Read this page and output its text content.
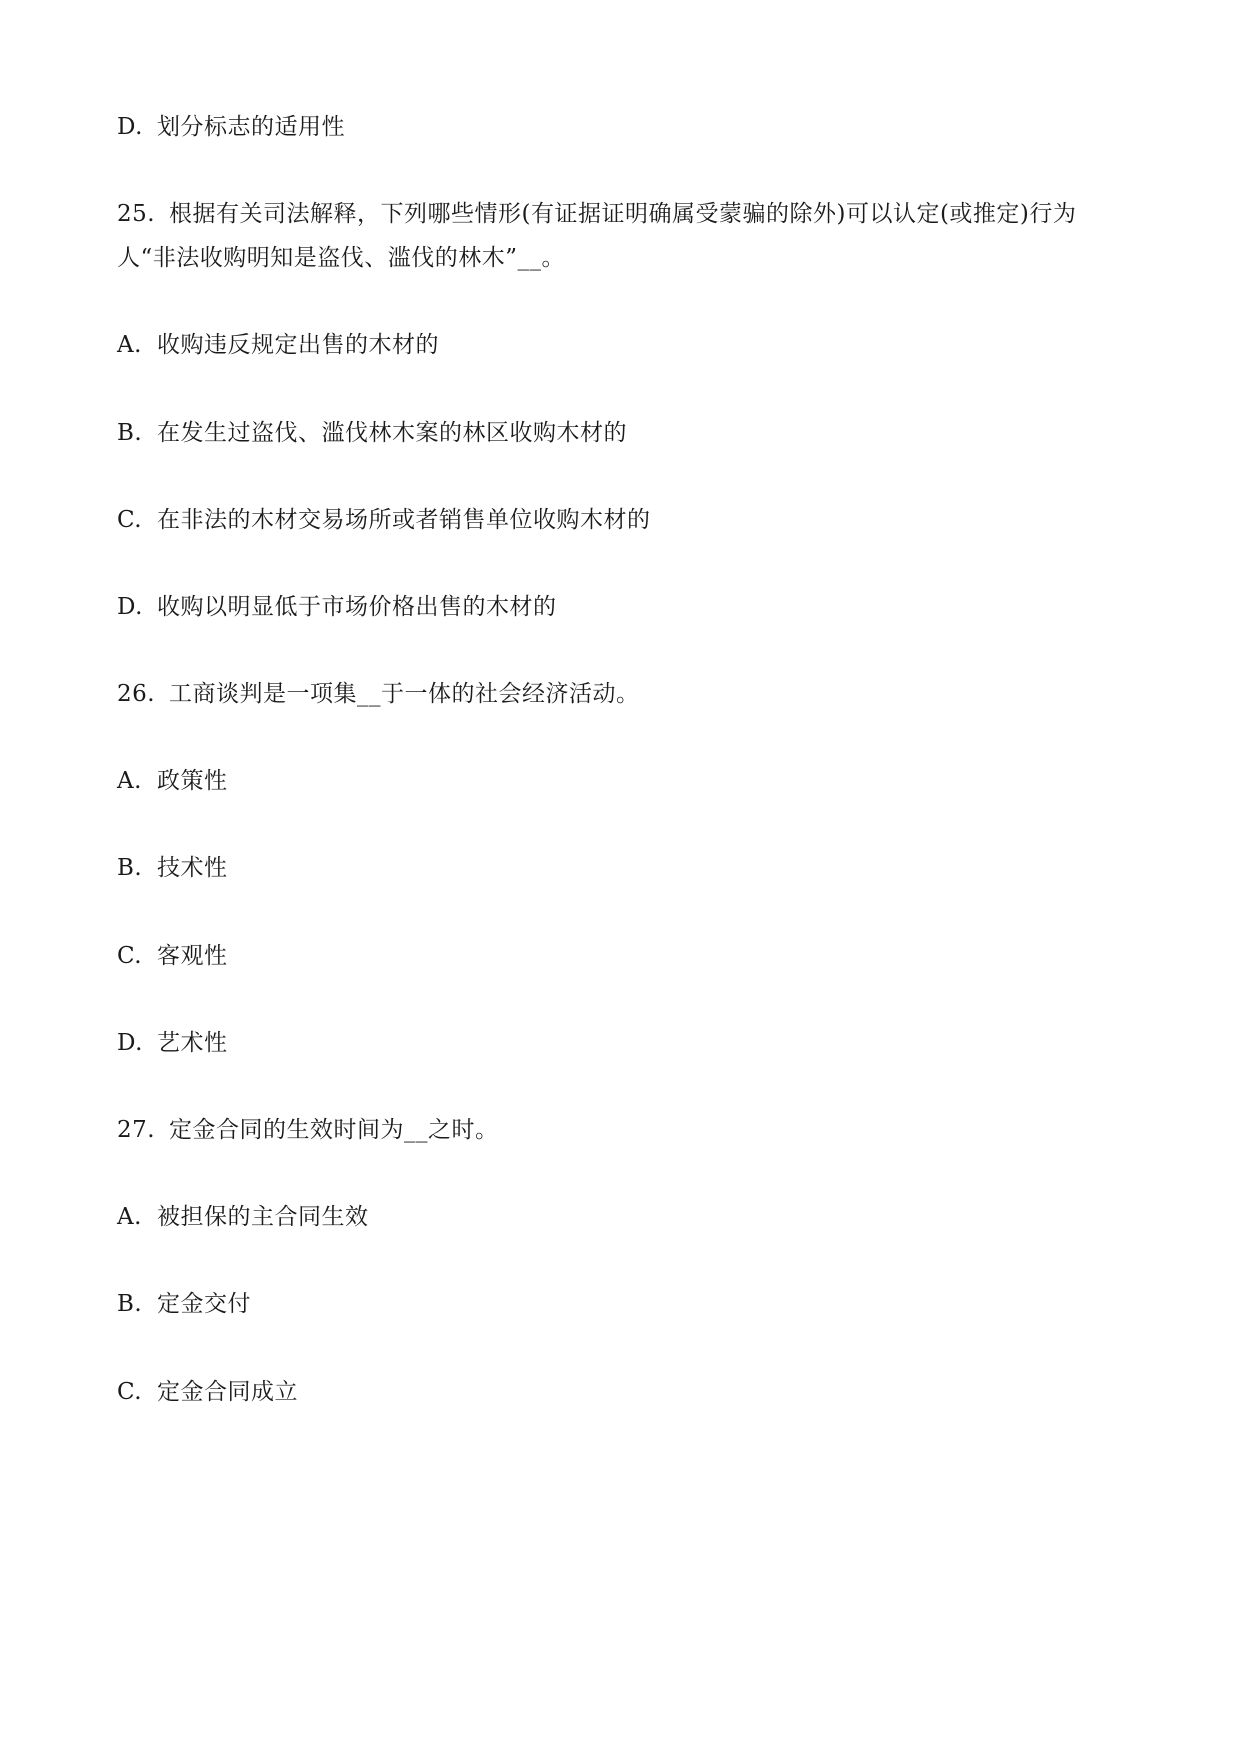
D. 划分标志的适用性
25. 根据有关司法解释，下列哪些情形(有证据证明确属受蒙骗的除外)可以认定(或推定)行为人“非法收购明知是盗伐、滥伐的林木”__。
A. 收购违反规定出售的木材的
B. 在发生过盗伐、滥伐林木案的林区收购木材的
C. 在非法的木材交易场所或者销售单位收购木材的
D. 收购以明显低于市场价格出售的木材的
26. 工商谈判是一项集__于一体的社会经济活动。
A. 政策性
B. 技术性
C. 客观性
D. 艺术性
27. 定金合同的生效时间为__之时。
A. 被担保的主合同生效
B. 定金交付
C. 定金合同成立
